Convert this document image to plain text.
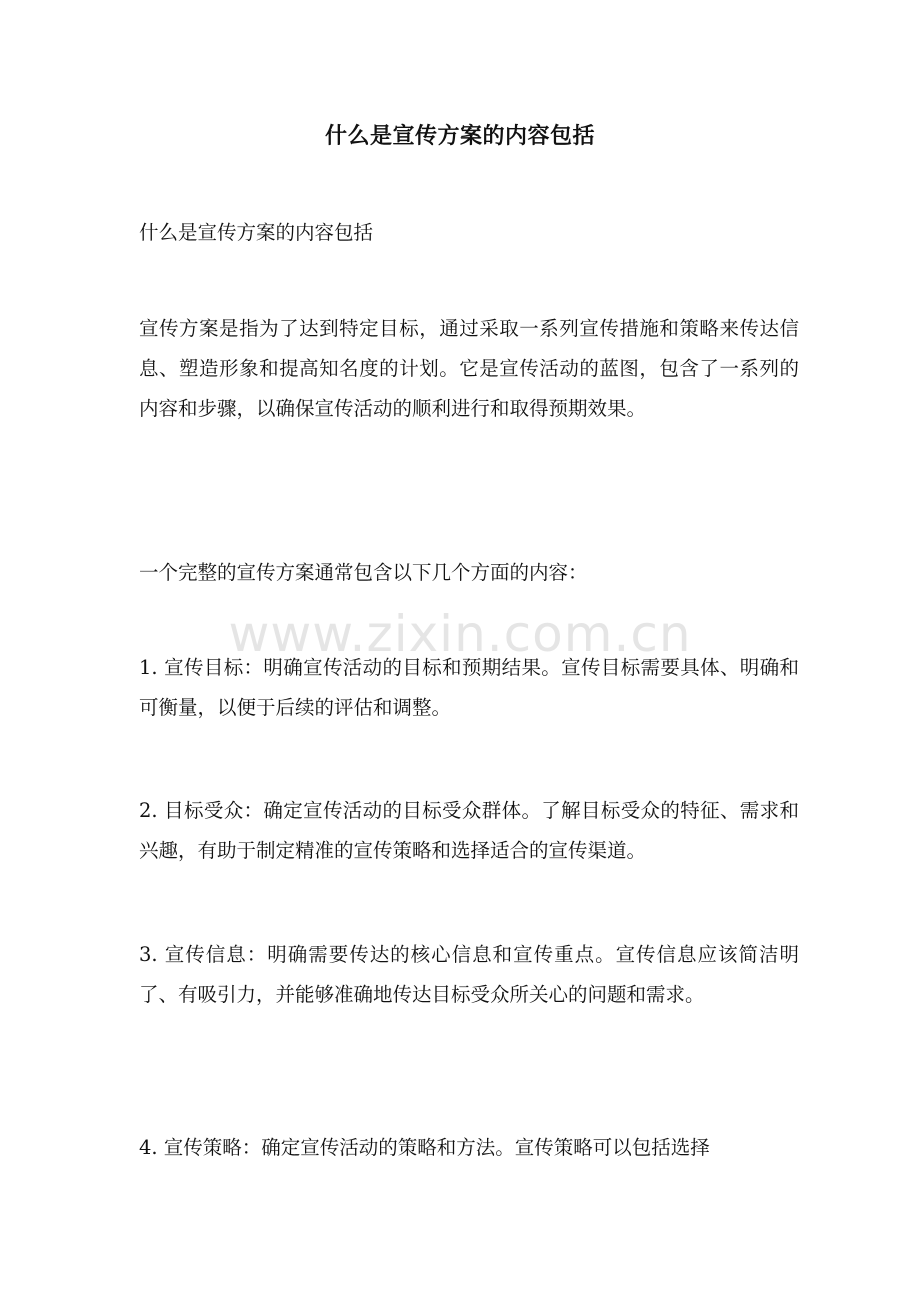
什么是宣传方案的内容包括

什么是宣传方案的内容包括

宣传方案是指为了达到特定目标，通过采取一系列宣传措施和策略来传达信息、塑造形象和提高知名度的计划。它是宣传活动的蓝图，包含了一系列的内容和步骤，以确保宣传活动的顺利进行和取得预期效果。

一个完整的宣传方案通常包含以下几个方面的内容：

1. 宣传目标：明确宣传活动的目标和预期结果。宣传目标需要具体、明确和可衡量，以便于后续的评估和调整。

2. 目标受众：确定宣传活动的目标受众群体。了解目标受众的特征、需求和兴趣，有助于制定精准的宣传策略和选择适合的宣传渠道。

3. 宣传信息：明确需要传达的核心信息和宣传重点。宣传信息应该简洁明了、有吸引力，并能够准确地传达目标受众所关心的问题和需求。

4. 宣传策略：确定宣传活动的策略和方法。宣传策略可以包括选择

www.zixin.com.cn
